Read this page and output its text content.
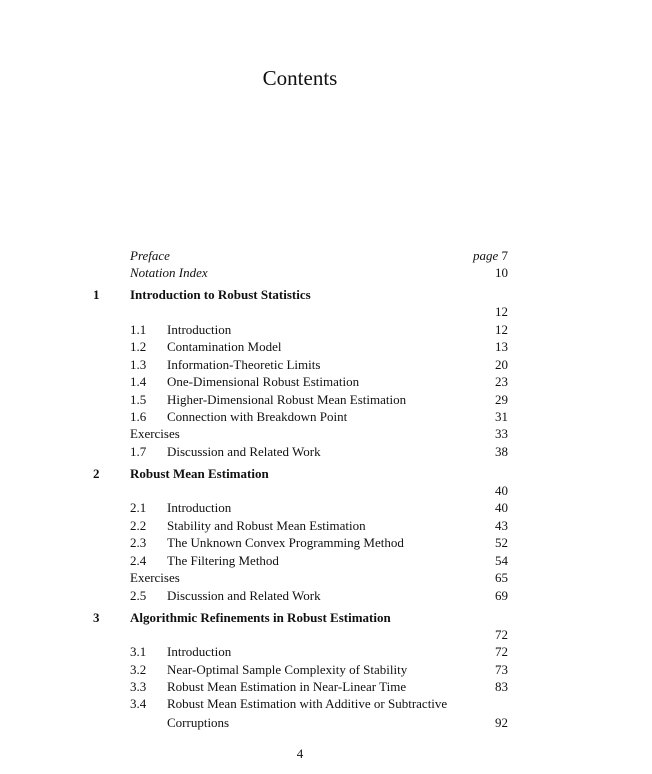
Contents
Preface	page 7
Notation Index	10
1 Introduction to Robust Statistics
12
1.1 Introduction	12
1.2 Contamination Model	13
1.3 Information-Theoretic Limits	20
1.4 One-Dimensional Robust Estimation	23
1.5 Higher-Dimensional Robust Mean Estimation	29
1.6 Connection with Breakdown Point	31
Exercises	33
1.7 Discussion and Related Work	38
2 Robust Mean Estimation
40
2.1 Introduction	40
2.2 Stability and Robust Mean Estimation	43
2.3 The Unknown Convex Programming Method	52
2.4 The Filtering Method	54
Exercises	65
2.5 Discussion and Related Work	69
3 Algorithmic Refinements in Robust Estimation
72
3.1 Introduction	72
3.2 Near-Optimal Sample Complexity of Stability	73
3.3 Robust Mean Estimation in Near-Linear Time	83
3.4 Robust Mean Estimation with Additive or Subtractive
Corruptions	92
4
